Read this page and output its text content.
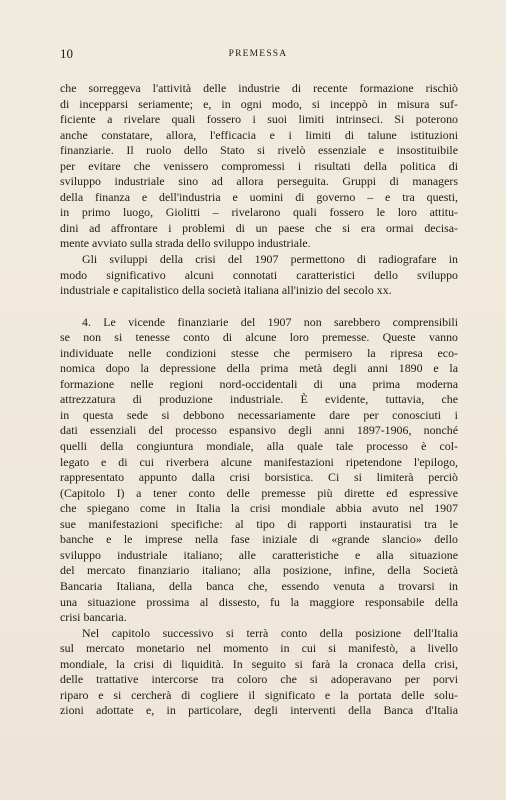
10	PREMESSA
che sorreggeva l'attività delle industrie di recente formazione rischiò
di incepparsi seriamente; e, in ogni modo, si inceppò in misura suf-
ficiente a rivelare quali fossero i suoi limiti intrinseci. Si poterono
anche constatare, allora, l'efficacia e i limiti di talune istituzioni
finanziarie. Il ruolo dello Stato si rivelò essenziale e insostituibile
per evitare che venissero compromessi i risultati della politica di
sviluppo industriale sino ad allora perseguita. Gruppi di managers
della finanza e dell'industria e uomini di governo – e tra questi,
in primo luogo, Giolitti – rivelarono quali fossero le loro attitu-
dini ad affrontare i problemi di un paese che si era ormai decisa-
mente avviato sulla strada dello sviluppo industriale.
Gli sviluppi della crisi del 1907 permettono di radiografare in
modo significativo alcuni connotati caratteristici dello sviluppo
industriale e capitalistico della società italiana all'inizio del secolo xx.
4. Le vicende finanziarie del 1907 non sarebbero comprensibili
se non si tenesse conto di alcune loro premesse. Queste vanno
individuate nelle condizioni stesse che permisero la ripresa eco-
nomica dopo la depressione della prima metà degli anni 1890 e la
formazione nelle regioni nord-occidentali di una prima moderna
attrezzatura di produzione industriale. È evidente, tuttavia, che
in questa sede si debbono necessariamente dare per conosciuti i
dati essenziali del processo espansivo degli anni 1897-1906, nonché
quelli della congiuntura mondiale, alla quale tale processo è col-
legato e di cui riverbera alcune manifestazioni ripetendone l'epilogo,
rappresentato appunto dalla crisi borsistica. Ci si limiterà perciò
(Capitolo I) a tener conto delle premesse più dirette ed espressive
che spiegano come in Italia la crisi mondiale abbia avuto nel 1907
sue manifestazioni specifiche: al tipo di rapporti instauratisi tra le
banche e le imprese nella fase iniziale di «grande slancio» dello
sviluppo industriale italiano; alle caratteristiche e alla situazione
del mercato finanziario italiano; alla posizione, infine, della Società
Bancaria Italiana, della banca che, essendo venuta a trovarsi in
una situazione prossima al dissesto, fu la maggiore responsabile della
crisi bancaria.
Nel capitolo successivo si terrà conto della posizione dell'Italia
sul mercato monetario nel momento in cui si manifestò, a livello
mondiale, la crisi di liquidità. In seguito si farà la cronaca della crisi,
delle trattative intercorse tra coloro che si adoperavano per porvi
riparo e si cercherà di cogliere il significato e la portata delle solu-
zioni adottate e, in particolare, degli interventi della Banca d'Italia
